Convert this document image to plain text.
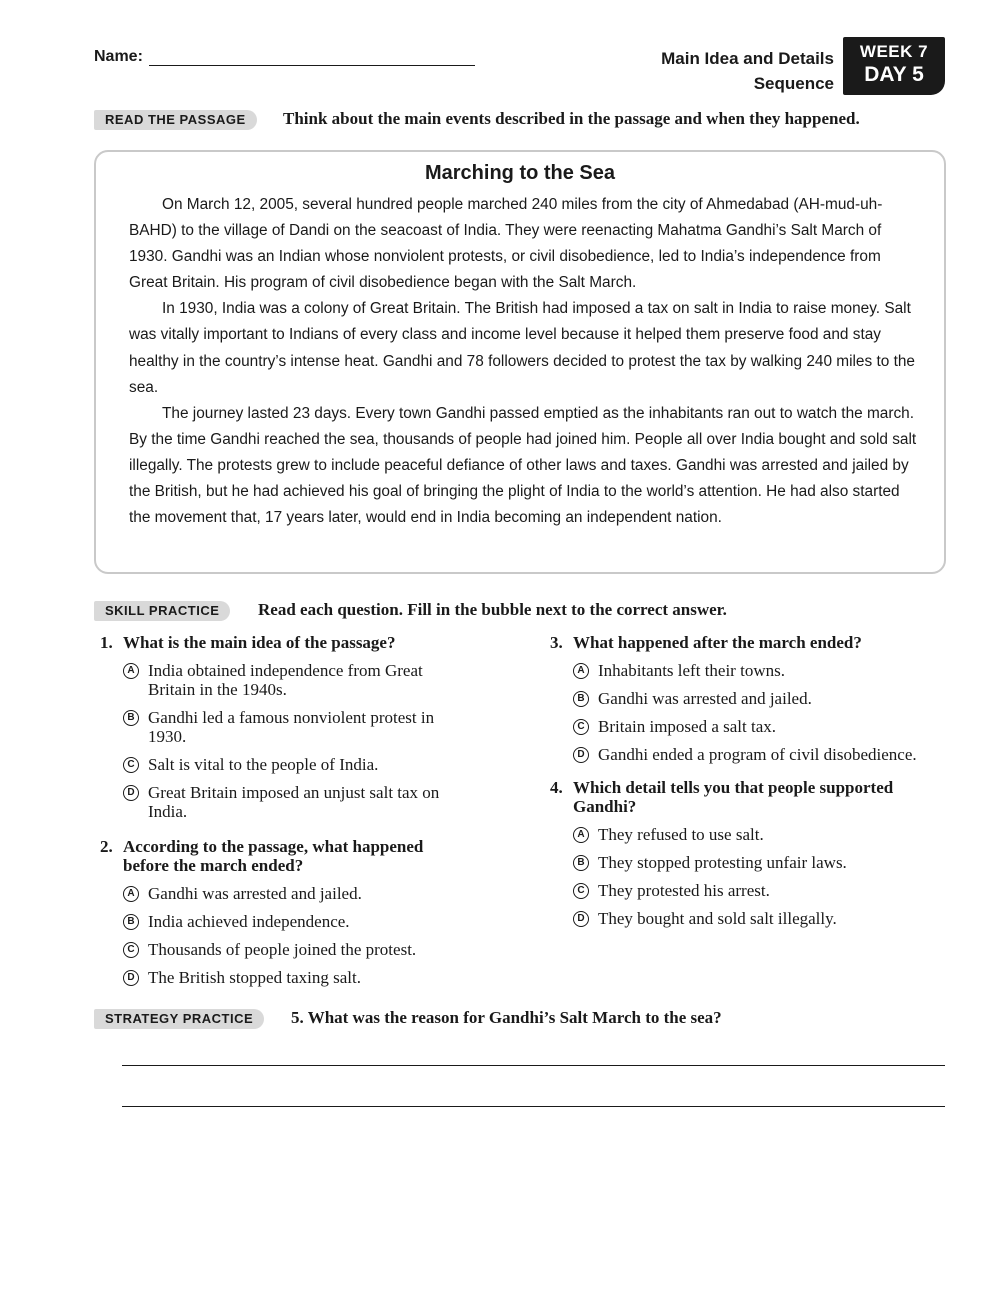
Name:	Main Idea and Details
Sequence
WEEK 7
DAY 5
READ THE PASSAGE	Think about the main events described in the passage and when they happened.
Marching to the Sea

On March 12, 2005, several hundred people marched 240 miles from the city of Ahmedabad (AH-mud-uh-BAHD) to the village of Dandi on the seacoast of India. They were reenacting Mahatma Gandhi’s Salt March of 1930. Gandhi was an Indian whose nonviolent protests, or civil disobedience, led to India’s independence from Great Britain. His program of civil disobedience began with the Salt March.

In 1930, India was a colony of Great Britain. The British had imposed a tax on salt in India to raise money. Salt was vitally important to Indians of every class and income level because it helped them preserve food and stay healthy in the country’s intense heat. Gandhi and 78 followers decided to protest the tax by walking 240 miles to the sea.

The journey lasted 23 days. Every town Gandhi passed emptied as the inhabitants ran out to watch the march. By the time Gandhi reached the sea, thousands of people had joined him. People all over India bought and sold salt illegally. The protests grew to include peaceful defiance of other laws and taxes. Gandhi was arrested and jailed by the British, but he had achieved his goal of bringing the plight of India to the world’s attention. He had also started the movement that, 17 years later, would end in India becoming an independent nation.

SKILL PRACTICE	Read each question. Fill in the bubble next to the correct answer.
1. What is the main idea of the passage?
A India obtained independence from Great Britain in the 1940s.
B Gandhi led a famous nonviolent protest in 1930.
C Salt is vital to the people of India.
D Great Britain imposed an unjust salt tax on India.
2. According to the passage, what happened before the march ended?
A Gandhi was arrested and jailed.
B India achieved independence.
C Thousands of people joined the protest.
D The British stopped taxing salt.
3. What happened after the march ended?
A Inhabitants left their towns.
B Gandhi was arrested and jailed.
C Britain imposed a salt tax.
D Gandhi ended a program of civil disobedience.
4. Which detail tells you that people supported Gandhi?
A They refused to use salt.
B They stopped protesting unfair laws.
C They protested his arrest.
D They bought and sold salt illegally.
STRATEGY PRACTICE	5. What was the reason for Gandhi’s Salt March to the sea?
